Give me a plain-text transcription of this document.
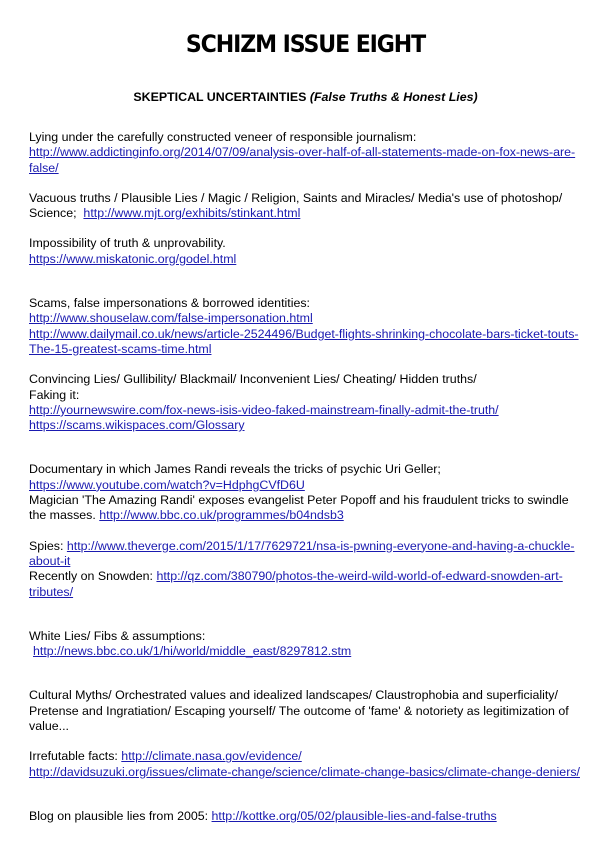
SCHIZM ISSUE EIGHT
SKEPTICAL UNCERTAINTIES (False Truths & Honest Lies)
Lying under the carefully constructed veneer of responsible journalism:
http://www.addictinginfo.org/2014/07/09/analysis-over-half-of-all-statements-made-on-fox-news-are-
false/
Vacuous truths / Plausible Lies / Magic / Religion, Saints and Miracles/ Media's use of photoshop/
Science;  http://www.mjt.org/exhibits/stinkant.html
Impossibility of truth & unprovability.
https://www.miskatonic.org/godel.html
Scams, false impersonations & borrowed identities:
http://www.shouselaw.com/false-impersonation.html
http://www.dailymail.co.uk/news/article-2524496/Budget-flights-shrinking-chocolate-bars-ticket-touts-
The-15-greatest-scams-time.html
Convincing Lies/ Gullibility/ Blackmail/ Inconvenient Lies/ Cheating/ Hidden truths/
Faking it:
http://yournewswire.com/fox-news-isis-video-faked-mainstream-finally-admit-the-truth/
https://scams.wikispaces.com/Glossary
Documentary in which James Randi reveals the tricks of psychic Uri Geller;
https://www.youtube.com/watch?v=HdphgCVfD6U
Magician 'The Amazing Randi' exposes evangelist Peter Popoff and his fraudulent tricks to swindle
the masses. http://www.bbc.co.uk/programmes/b04ndsb3
Spies: http://www.theverge.com/2015/1/17/7629721/nsa-is-pwning-everyone-and-having-a-chuckle-
about-it
Recently on Snowden: http://qz.com/380790/photos-the-weird-wild-world-of-edward-snowden-art-
tributes/
White Lies/ Fibs & assumptions:
http://news.bbc.co.uk/1/hi/world/middle_east/8297812.stm
Cultural Myths/ Orchestrated values and idealized landscapes/ Claustrophobia and superficiality/
Pretense and Ingratiation/ Escaping yourself/ The outcome of 'fame' & notoriety as legitimization of
value...
Irrefutable facts: http://climate.nasa.gov/evidence/
http://davidsuzuki.org/issues/climate-change/science/climate-change-basics/climate-change-deniers/
Blog on plausible lies from 2005: http://kottke.org/05/02/plausible-lies-and-false-truths
